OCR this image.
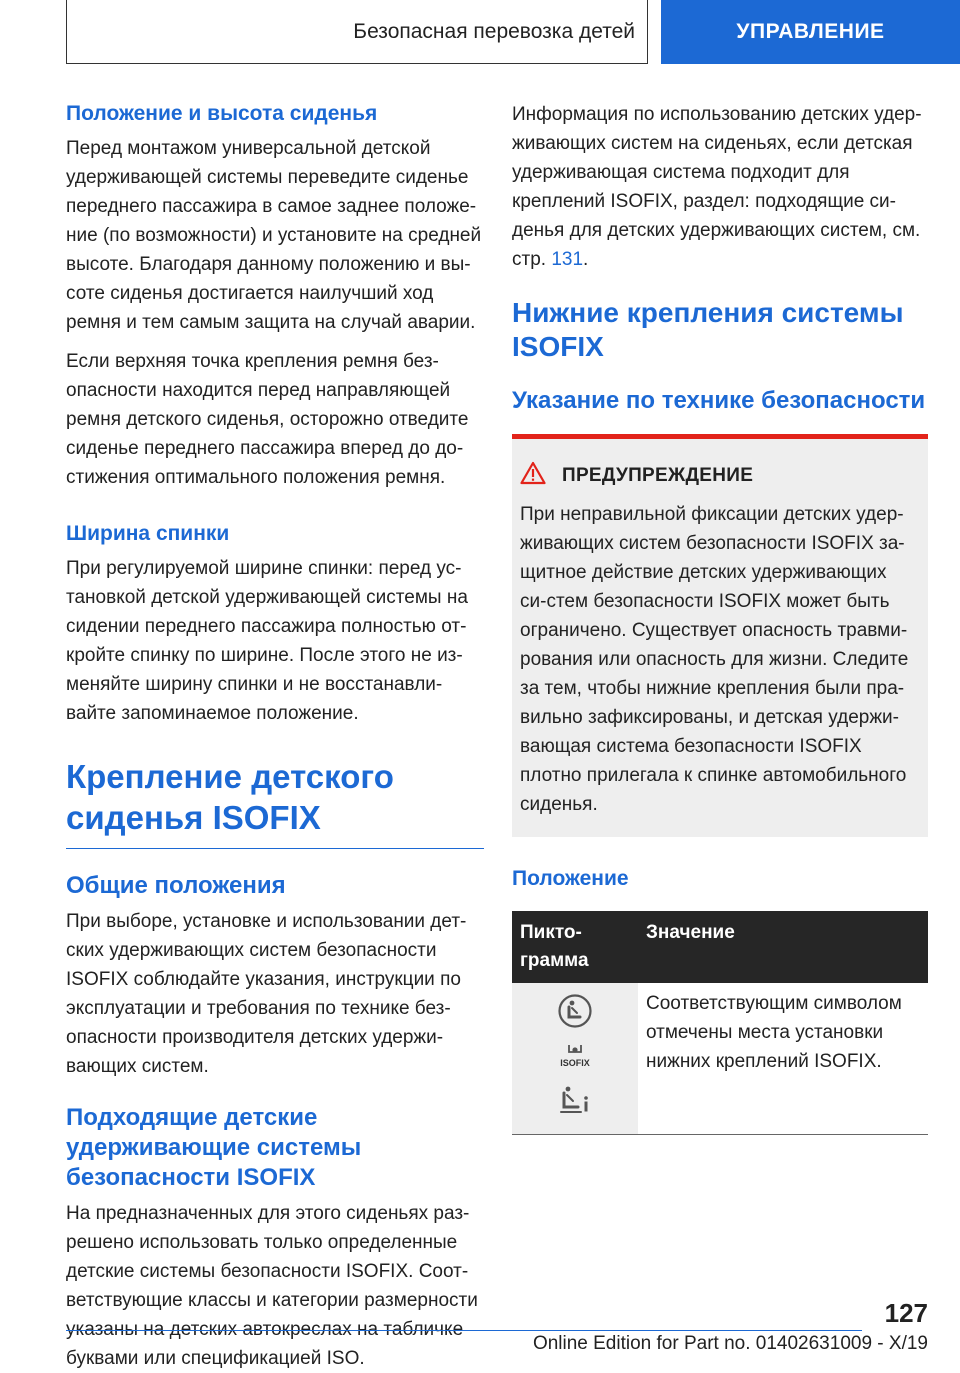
Безопасная перевозка детей	УПРАВЛЕНИЕ
Положение и высота сиденья

Перед монтажом универсальной детской удерживающей системы переведите сиденье переднего пассажира в самое заднее положе-ние (по возможности) и установите на средней высоте. Благодаря данному положению и вы-соте сиденья достигается наилучший ход ремня и тем самым защита на случай аварии.

Если верхняя точка крепления ремня без-опасности находится перед направляющей ремня детского сиденья, осторожно отведите сиденье переднего пассажира вперед до до-стижения оптимального положения ремня.

Ширина спинки

При регулируемой ширине спинки: перед ус-тановкой детской удерживающей системы на сидении переднего пассажира полностью от-кройте спинку по ширине. После этого не из-меняйте ширину спинки и не восстанавли-вайте запоминаемое положение.

Крепление детского сиденья ISOFIX
Общие положения

При выборе, установке и использовании дет-ских удерживающих систем безопасности ISOFIX соблюдайте указания, инструкции по эксплуатации и требования по технике без-опасности производителя детских удержи-вающих систем.

Подходящие детские удерживающие системы безопасности ISOFIX

На предназначенных для этого сиденьях раз-решено использовать только определенные детские системы безопасности ISOFIX. Соот-ветствующие классы и категории размерности указаны на детских автокреслах на табличке буквами или спецификацией ISO.

Информация по использованию детских удер-живающих систем на сиденьях, если детская удерживающая система подходит для креплений ISOFIX, раздел: подходящие си-денья для детских удерживающих систем, см. стр. 131.

Нижние крепления системы ISOFIX
Указание по технике безопасности
ПРЕДУПРЕЖДЕНИЕ

При неправильной фиксации детских удер-живающих систем безопасности ISOFIX за-щитное действие детских удерживающих си-стем безопасности ISOFIX может быть ограничено. Существует опасность травми-рования или опасность для жизни. Следите за тем, чтобы нижние крепления были пра-вильно зафиксированы, и детская удержи-вающая система безопасности ISOFIX плотно прилегала к спинке автомобильного сиденья.

Положение
Пикто-грамма	Значение

ISOFIX	Соответствующим символом отмечены места установки нижних креплений ISOFIX.

127
Online Edition for Part no. 01402631009 - X/19
